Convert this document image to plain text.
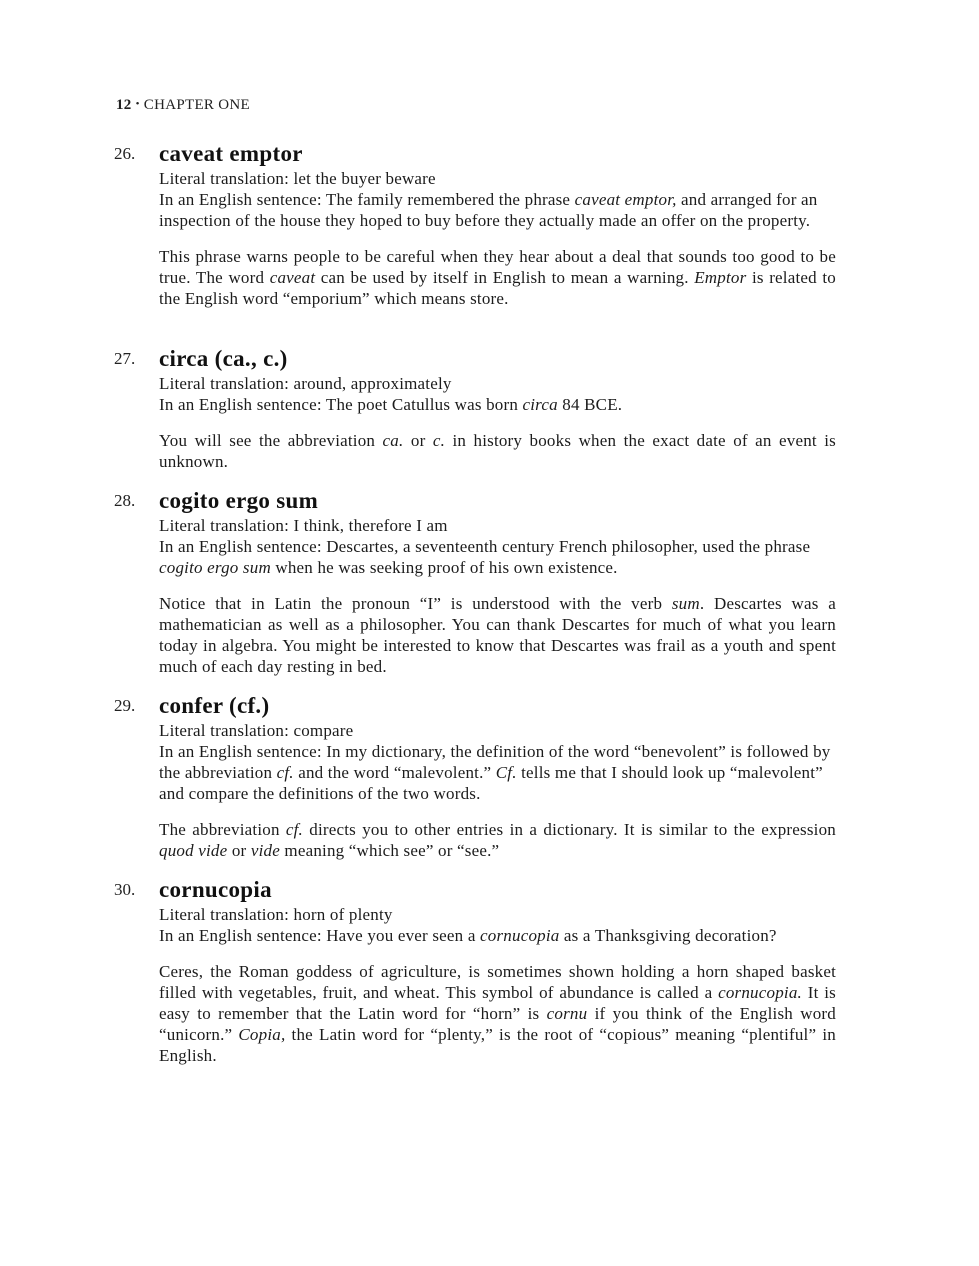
12 • CHAPTER ONE
26.	caveat emptor
Literal translation: let the buyer beware
In an English sentence: The family remembered the phrase caveat emptor, and arranged for an inspection of the house they hoped to buy before they actually made an offer on the property.
This phrase warns people to be careful when they hear about a deal that sounds too good to be true. The word caveat can be used by itself in English to mean a warning. Emptor is related to the English word “emporium” which means store.
27.	circa (ca., c.)
Literal translation: around, approximately
In an English sentence: The poet Catullus was born circa 84 BCE.
You will see the abbreviation ca. or c. in history books when the exact date of an event is unknown.
28.	cogito ergo sum
Literal translation: I think, therefore I am
In an English sentence: Descartes, a seventeenth century French philosopher, used the phrase cogito ergo sum when he was seeking proof of his own existence.
Notice that in Latin the pronoun “I” is understood with the verb sum. Descartes was a mathematician as well as a philosopher. You can thank Descartes for much of what you learn today in algebra. You might be interested to know that Descartes was frail as a youth and spent much of each day resting in bed.
29.	confer (cf.)
Literal translation: compare
In an English sentence: In my dictionary, the definition of the word “benevolent” is followed by the abbreviation cf. and the word “malevolent.” Cf. tells me that I should look up “malevolent” and compare the definitions of the two words.
The abbreviation cf. directs you to other entries in a dictionary. It is similar to the expression quod vide or vide meaning “which see” or “see.”
30.	cornucopia
Literal translation: horn of plenty
In an English sentence: Have you ever seen a cornucopia as a Thanksgiving decoration?
Ceres, the Roman goddess of agriculture, is sometimes shown holding a horn shaped basket filled with vegetables, fruit, and wheat. This symbol of abundance is called a cornucopia. It is easy to remember that the Latin word for “horn” is cornu if you think of the English word “unicorn.” Copia, the Latin word for “plenty,” is the root of “copious” meaning “plentiful” in English.
